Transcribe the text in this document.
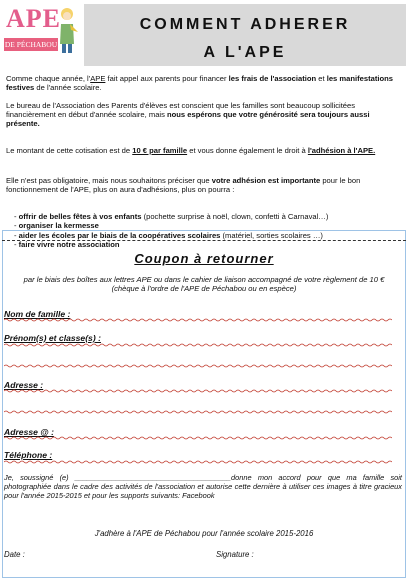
APE
DE PÉCHABOU
COMMENT ADHERER
A L'APE
Comme chaque année, l'APE fait appel aux parents pour financer les frais de l'association et les manifestations festives de l'année scolaire.
Le bureau de l'Association des Parents d'élèves est conscient que les familles sont beaucoup sollicitées financièrement en début d'année scolaire, mais nous espérons que votre générosité sera toujours aussi présente.
Le montant de cette cotisation est de 10 € par famille et vous donne également le droit à l'adhésion à l'APE.
Elle n'est pas obligatoire, mais nous souhaitons préciser que votre adhésion est importante pour le bon fonctionnement de l'APE, plus on aura d'adhésions, plus on pourra :
- offrir de belles fêtes à vos enfants (pochette surprise à noël, clown, confetti à Carnaval…)
- organiser la kermesse
- aider les écoles par le biais de la coopératives scolaires (matériel, sorties scolaires …)
- faire vivre notre association
Coupon à retourner
par le biais des boîtes aux lettres APE ou dans le cahier de liaison accompagné de votre règlement de 10 € (chèque à l'ordre de l'APE de Péchabou ou en espèce)
Nom de famille :
Prénom(s) et classe(s) :
Adresse :
Adresse @ :
Téléphone :
Je, soussigné (e) ______________________________________donne mon accord pour que ma famille soit photographiée dans le cadre des activités de l'association et autorise cette dernière à utiliser ces images à titre gracieux pour l'année 2015-2015 et pour les supports suivants: Facebook
J'adhère à l'APE de Péchabou pour l'année scolaire 2015-2016
Date :	Signature :
